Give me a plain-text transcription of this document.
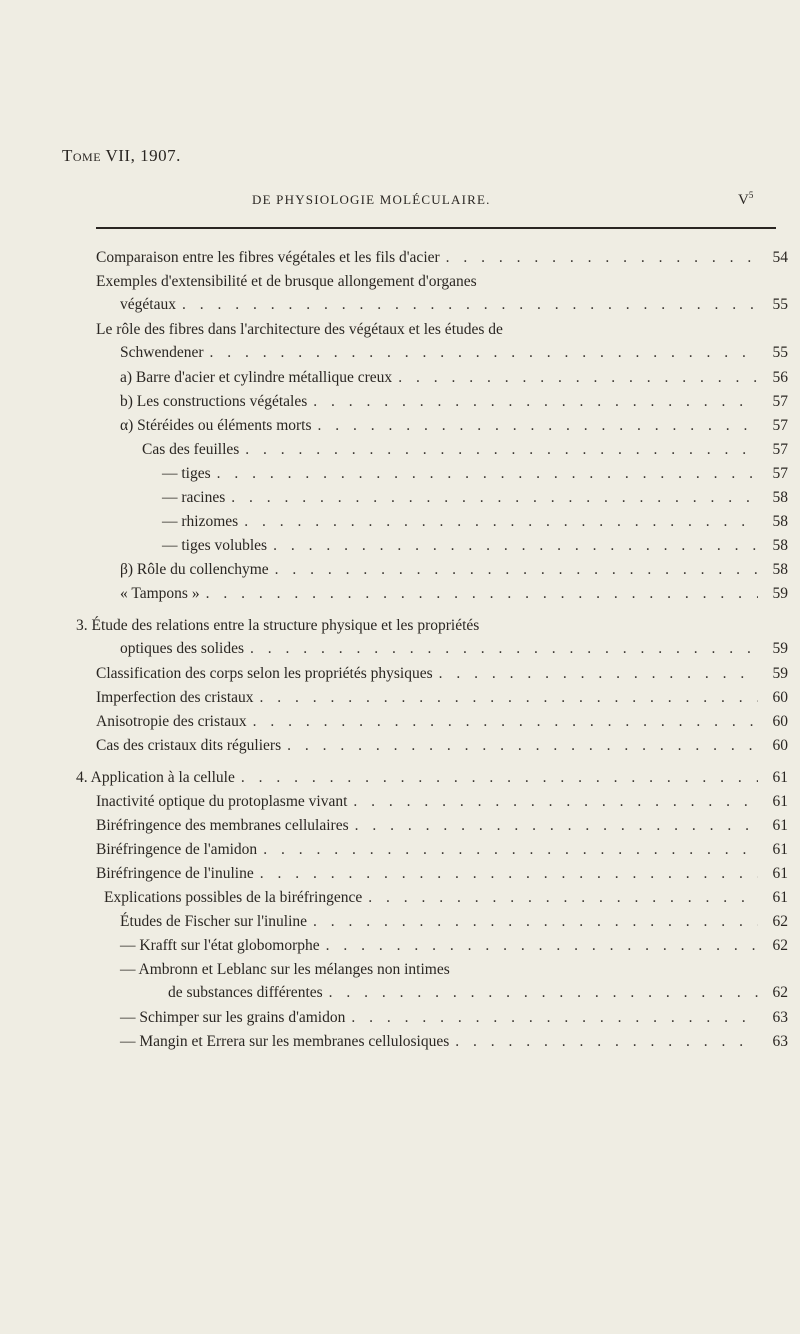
Tome VII, 1907.
DE PHYSIOLOGIE MOLÉCULAIRE.	$V^5$
Comparaison entre les fibres végétales et les fils d'acier . . .	54
Exemples d'extensibilité et de brusque allongement d'organes
végétaux . . .	55
Le rôle des fibres dans l'architecture des végétaux et les études de
Schwendener . . .	55
a) Barre d'acier et cylindre métallique creux . . .	56
b) Les constructions végétales . . .	57
α) Stéréides ou éléments morts . . .	57
Cas des feuilles . . .	57
— tiges . . .	57
— racines . . .	58
— rhizomes . . .	58
— tiges volubles . . .	58
β) Rôle du collenchyme . . .	58
« Tampons » . . .	59
3. Étude des relations entre la structure physique et les propriétés
optiques des solides . . .	59
Classification des corps selon les propriétés physiques . . .	59
Imperfection des cristaux . . .	60
Anisotropie des cristaux . . .	60
Cas des cristaux dits réguliers . . .	60
4. Application à la cellule . . .	61
Inactivité optique du protoplasme vivant . . .	61
Biréfringence des membranes cellulaires . . .	61
Biréfringence de l'amidon . . .	61
Biréfringence de l'inuline . . .	61
Explications possibles de la biréfringence . . .	61
Études de Fischer sur l'inuline . . .	62
— Krafft sur l'état globomorphe . . .	62
— Ambronn et Leblanc sur les mélanges non intimes
de substances différentes . . .	62
— Schimper sur les grains d'amidon . . .	63
— Mangin et Errera sur les membranes cellulosiques . . .	63
